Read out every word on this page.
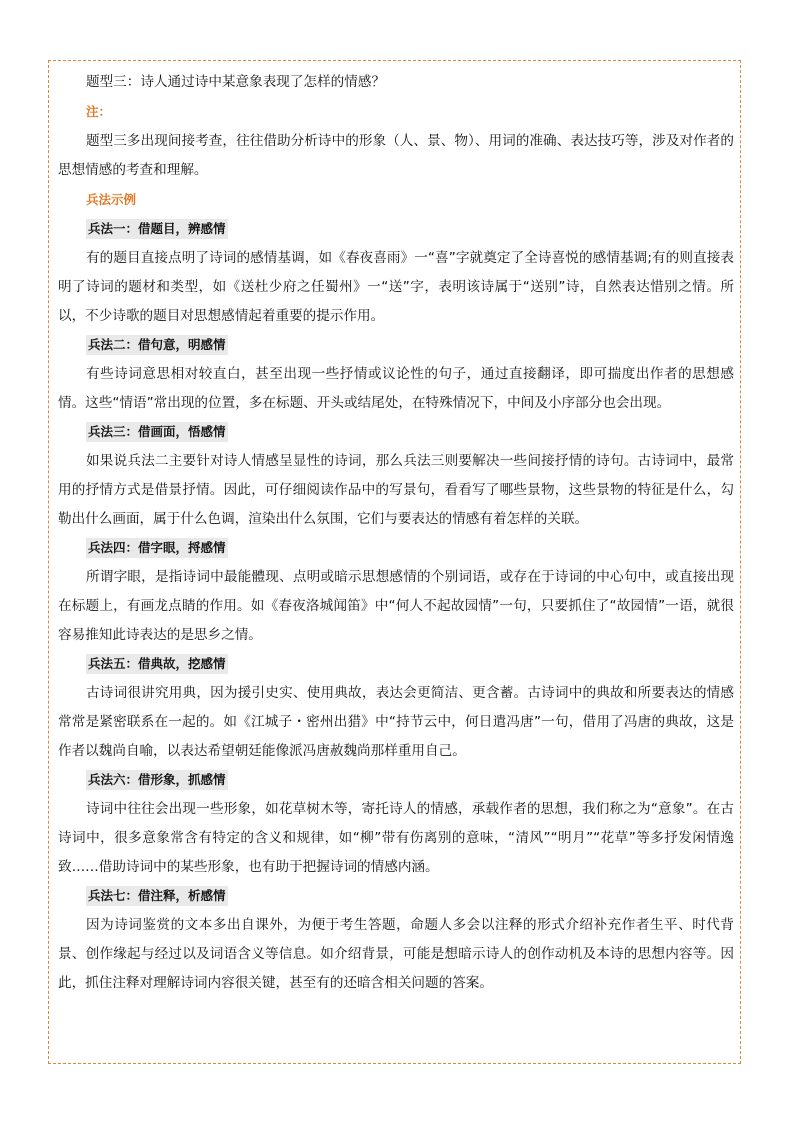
题型三：诗人通过诗中某意象表现了怎样的情感？

注：

题型三多出现间接考查，往往借助分析诗中的形象（人、景、物）、用词的准确、表达技巧等，涉及对作者的思想情感的考查和理解。

兵法示例

兵法一：借题目，辨感情

有的题目直接点明了诗词的感情基调，如《春夜喜雨》一“喜”字就奠定了全诗喜悦的感情基调;有的则直接表明了诗词的题材和类型，如《送杜少府之任蜀州》一“送”字，表明该诗属于“送别”诗，自然表达惜别之情。所以，不少诗歌的题目对思想感情起着重要的提示作用。

兵法二：借句意，明感情

有些诗词意思相对较直白，甚至出现一些抒情或议论性的句子，通过直接翻译，即可揣度出作者的思想感情。这些“情语”常出现的位置，多在标题、开头或结尾处，在特殊情况下，中间及小序部分也会出现。

兵法三：借画面，悟感情

如果说兵法二主要针对诗人情感呈显性的诗词，那么兵法三则要解决一些间接抒情的诗句。古诗词中，最常用的抒情方式是借景抒情。因此，可仔细阅读作品中的写景句，看看写了哪些景物，这些景物的特征是什么，勾勒出什么画面，属于什么色调，渲染出什么氛围，它们与要表达的情感有着怎样的关联。

兵法四：借字眼，捋感情

所谓字眼，是指诗词中最能體现、点明或暗示思想感情的个别词语，或存在于诗词的中心句中，或直接出现在标题上，有画龙点睛的作用。如《春夜洛城闻笛》中“何人不起故园情”一句，只要抓住了“故园情”一语，就很容易推知此诗表达的是思乡之情。

兵法五：借典故，挖感情

古诗词很讲究用典，因为援引史实、使用典故，表达会更简洁、更含蓄。古诗词中的典故和所要表达的情感常常是紧密联系在一起的。如《江城子・密州出猎》中“持节云中，何日遣冯唐”一句，借用了冯唐的典故，这是作者以魏尚自喻，以表达希望朝廷能像派冯唐赦魏尚那样重用自己。

兵法六：借形象，抓感情

诗词中往往会出现一些形象，如花草树木等，寄托诗人的情感，承载作者的思想，我们称之为“意象”。在古诗词中，很多意象常含有特定的含义和规律，如“柳”带有伤离别的意味，“清风”“明月”“花草”等多抒发闲情逸致……借助诗词中的某些形象，也有助于把握诗词的情感内涵。

兵法七：借注释，析感情

因为诗词鉴赏的文本多出自课外，为便于考生答题，命题人多会以注释的形式介绍补充作者生平、时代背景、创作缘起与经过以及词语含义等信息。如介绍背景，可能是想暗示诗人的创作动机及本诗的思想内容等。因此，抓住注释对理解诗词内容很关键，甚至有的还暗含相关问题的答案。
